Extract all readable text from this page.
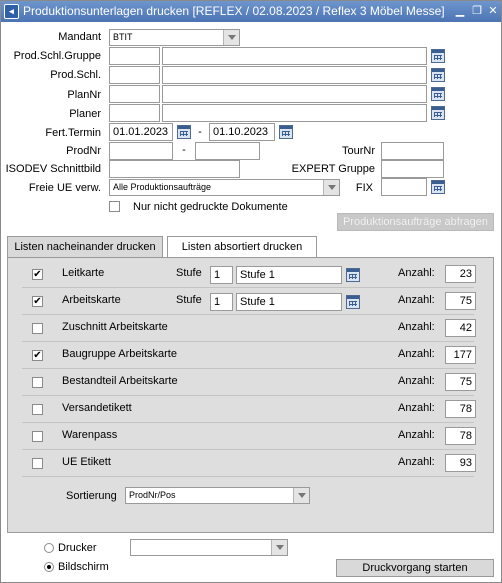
◂ Produktionsunterlagen drucken [REFLEX / 02.08.2023 / Reflex 3 Möbel Messe]	▁ ❐ ✕
Mandant	BTIT
Prod.Schl.Gruppe
Prod.Schl.
PlanNr
Planer
Fert.Termin	01.01.2023	-	01.10.2023
ProdNr	-	TourNr
ISODEV Schnittbild	EXPERT Gruppe
Freie UE verw.	Alle Produktionsaufträge	FIX
Nur nicht gedruckte Dokumente
Produktionsaufträge abfragen
Listen nacheinander drucken	Listen absortiert drucken
✔ Leitkarte	Stufe	1	Stufe 1	Anzahl:	23
✔ Arbeitskarte	Stufe	1	Stufe 1	Anzahl:	75
Zuschnitt Arbeitskarte	Anzahl:	42
✔ Baugruppe Arbeitskarte	Anzahl:	177
Bestandteil Arbeitskarte	Anzahl:	75
Versandetikett	Anzahl:	78
Warenpass	Anzahl:	78
UE Etikett	Anzahl:	93
Sortierung	ProdNr/Pos
Drucker
Bildschirm	Druckvorgang starten
